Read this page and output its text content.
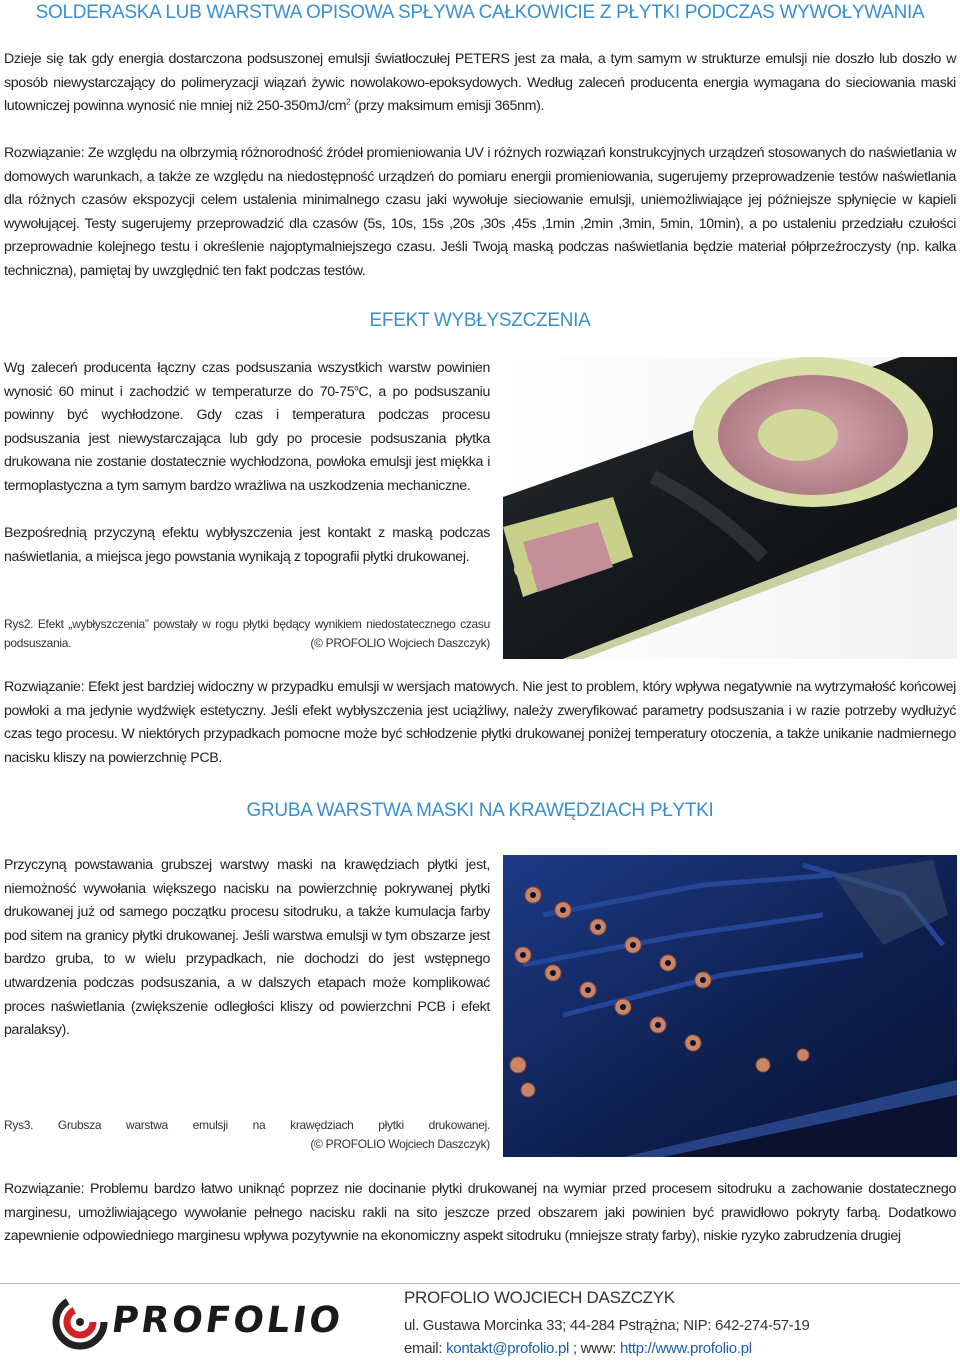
SOLDERASKA LUB WARSTWA OPISOWA SPŁYWA CAŁKOWICIE Z PŁYTKI PODCZAS WYWOŁYWANIA
Dzieje się tak gdy energia dostarczona podsuszonej emulsji światłoczułej PETERS jest za mała, a tym samym w strukturze emulsji nie doszło lub doszło w sposób niewystarczający do polimeryzacji wiązań żywic nowolakowo-epoksydowych. Według zaleceń producenta energia wymagana do sieciowania maski lutowniczej powinna wynosić nie mniej niż $250-350mJ/cm^2$ (przy maksimum emisji 365nm).
Rozwiązanie: Ze względu na olbrzymią różnorodność źródeł promieniowania UV i różnych rozwiązań konstrukcyjnych urządzeń stosowanych do naświetlania w domowych warunkach, a także ze względu na niedostępność urządzeń do pomiaru energii promieniowania, sugerujemy przeprowadzenie testów naświetlania dla różnych czasów ekspozycji celem ustalenia minimalnego czasu jaki wywołuje sieciowanie emulsji, uniemożliwiające jej późniejsze spłynięcie w kapieli wywołującej. Testy sugerujemy przeprowadzić dla czasów (5s, 10s, 15s ,20s ,30s ,45s ,1min ,2min ,3min, 5min, 10min), a po ustaleniu przedziału czułości przeprowadnie kolejnego testu i określenie najoptymalniejszego czasu. Jeśli Twoją maską podczas naświetlania będzie materiał półprzeźroczysty (np. kalka techniczna), pamiętaj by uwzględnić ten fakt podczas testów.
EFEKT WYBŁYSZCZENIA
Wg zaleceń producenta łączny czas podsuszania wszystkich warstw powinien wynosić 60 minut i zachodzić w temperaturze do 70-75$^o$C, a po podsuszaniu powinny być wychłodzone. Gdy czas i temperatura podczas procesu podsuszania jest niewystarczająca lub gdy po procesie podsuszania płytka drukowana nie zostanie dostatecznie wychłodzona, powłoka emulsji jest miękka i termoplastyczna a tym samym bardzo wrażliwa na uszkodzenia mechaniczne.
Bezpośrednią przyczyną efektu wybłyszczenia jest kontakt z maską podczas naświetlania, a miejsca jego powstania wynikają z topografii płytki drukowanej.
Rys2. Efekt „wybłyszczenia” powstały w rogu płytki będący wynikiem niedostatecznego czasu podsuszania.	(© PROFOLIO Wojciech Daszczyk)
Rozwiązanie: Efekt jest bardziej widoczny w przypadku emulsji w wersjach matowych. Nie jest to problem, który wpływa negatywnie na wytrzymałość końcowej powłoki a ma jedynie wydźwięk estetyczny. Jeśli efekt wybłyszczenia jest uciążliwy, należy zweryfikować parametry podsuszania i w razie potrzeby wydłużyć czas tego procesu. W niektórych przypadkach pomocne może być schłodzenie płytki drukowanej poniżej temperatury otoczenia, a także unikanie nadmiernego nacisku kliszy na powierzchnię PCB.
GRUBA WARSTWA MASKI NA KRAWĘDZIACH PŁYTKI
Przyczyną powstawania grubszej warstwy maski na krawędziach płytki jest, niemożność wywołania większego nacisku na powierzchnię pokrywanej płytki drukowanej już od samego początku procesu sitodruku, a także kumulacja farby pod sitem na granicy płytki drukowanej. Jeśli warstwa emulsji w tym obszarze jest bardzo gruba, to w wielu przypadkach, nie dochodzi do jest wstępnego utwardzenia podczas podsuszania, a w dalszych etapach może komplikować proces naświetlania (zwiększenie odległości kliszy od powierzchni PCB i efekt paralaksy).
Rys3. Grubsza warstwa emulsji na krawędziach płytki drukowanej.
(© PROFOLIO Wojciech Daszczyk)
Rozwiązanie: Problemu bardzo łatwo uniknąć poprzez nie docinanie płytki drukowanej na wymiar przed procesem sitodruku a zachowanie dostatecznego marginesu, umożliwiającego wywołanie pełnego nacisku rakli na sito jeszcze przed obszarem jaki powinien być prawidłowo pokryty farbą. Dodatkowo zapewnienie odpowiedniego marginesu wpływa pozytywnie na ekonomiczny aspekt sitodruku (mniejsze straty farby), niskie ryzyko zabrudzenia drugiej
PROFOLIO
PROFOLIO WOJCIECH DASZCZYK
ul. Gustawa Morcinka 33; 44-284 Pstrążna; NIP: 642-274-57-19
email: kontakt@profolio.pl ; www: http://www.profolio.pl
